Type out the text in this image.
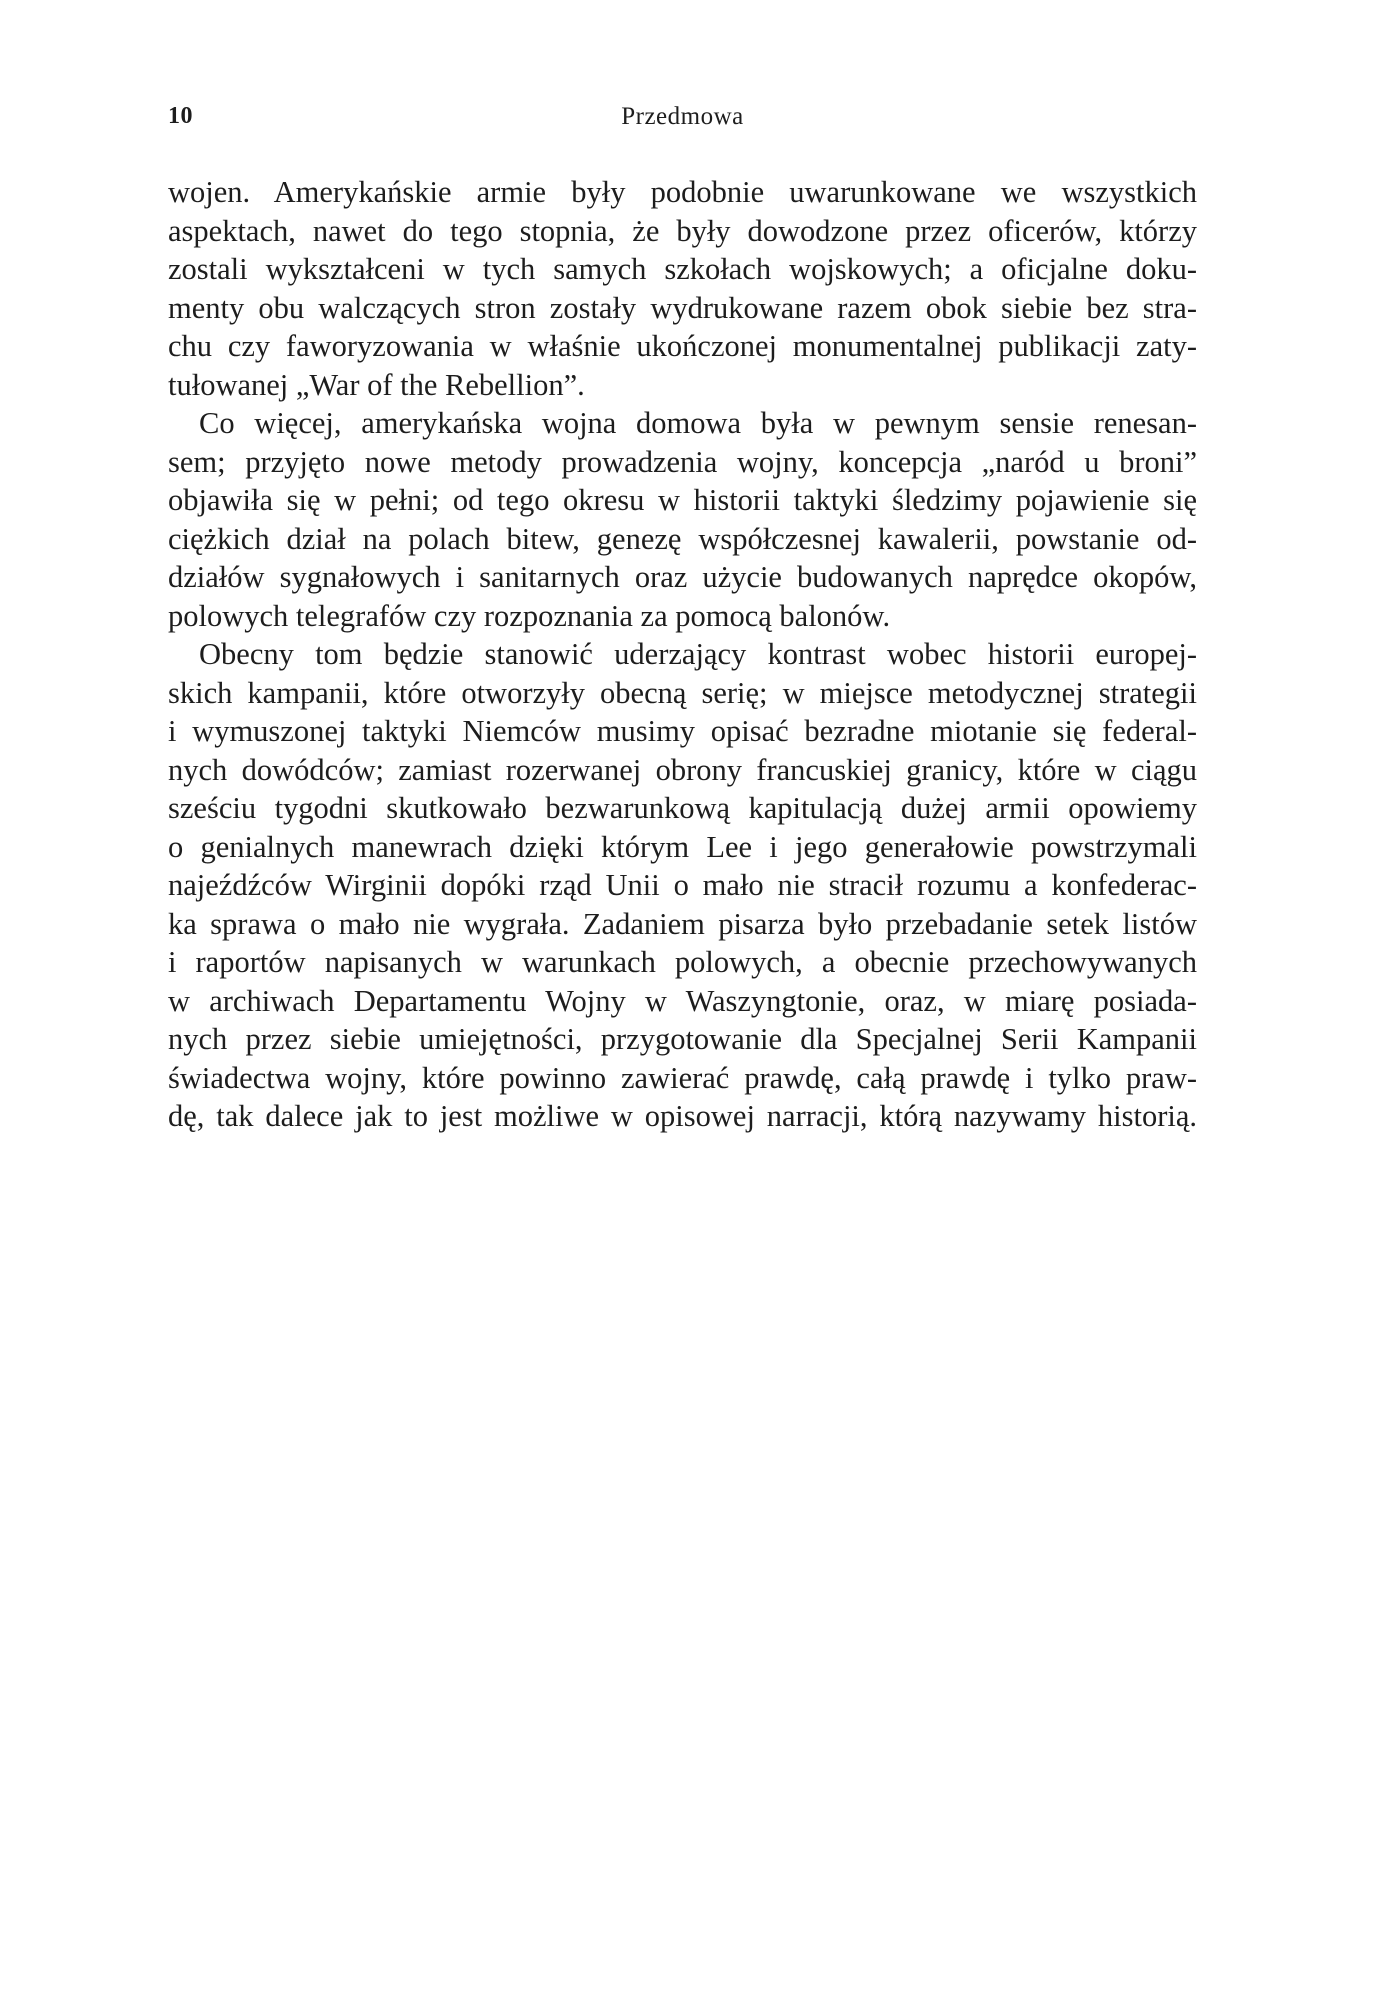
10	Przedmowa
wojen. Amerykańskie armie były podobnie uwarunkowane we wszystkich
aspektach, nawet do tego stopnia, że były dowodzone przez oficerów, którzy
zostali wykształceni w tych samych szkołach wojskowych; a oficjalne doku-
menty obu walczących stron zostały wydrukowane razem obok siebie bez stra-
chu czy faworyzowania w właśnie ukończonej monumentalnej publikacji zaty-
tułowanej „War of the Rebellion”.
Co więcej, amerykańska wojna domowa była w pewnym sensie renesan-
sem; przyjęto nowe metody prowadzenia wojny, koncepcja „naród u broni”
objawiła się w pełni; od tego okresu w historii taktyki śledzimy pojawienie się
ciężkich dział na polach bitew, genezę współczesnej kawalerii, powstanie od-
działów sygnałowych i sanitarnych oraz użycie budowanych naprędce okopów,
polowych telegrafów czy rozpoznania za pomocą balonów.
Obecny tom będzie stanowić uderzający kontrast wobec historii europej-
skich kampanii, które otworzyły obecną serię; w miejsce metodycznej strategii
i wymuszonej taktyki Niemców musimy opisać bezradne miotanie się federal-
nych dowódców; zamiast rozerwanej obrony francuskiej granicy, które w ciągu
sześciu tygodni skutkowało bezwarunkową kapitulacją dużej armii opowiemy
o genialnych manewrach dzięki którym Lee i jego generałowie powstrzymali
najeźdźców Wirginii dopóki rząd Unii o mało nie stracił rozumu a konfederac-
ka sprawa o mało nie wygrała. Zadaniem pisarza było przebadanie setek listów
i raportów napisanych w warunkach polowych, a obecnie przechowywanych
w archiwach Departamentu Wojny w Waszyngtonie, oraz, w miarę posiada-
nych przez siebie umiejętności, przygotowanie dla Specjalnej Serii Kampanii
świadectwa wojny, które powinno zawierać prawdę, całą prawdę i tylko praw-
dę, tak dalece jak to jest możliwe w opisowej narracji, którą nazywamy historią.
